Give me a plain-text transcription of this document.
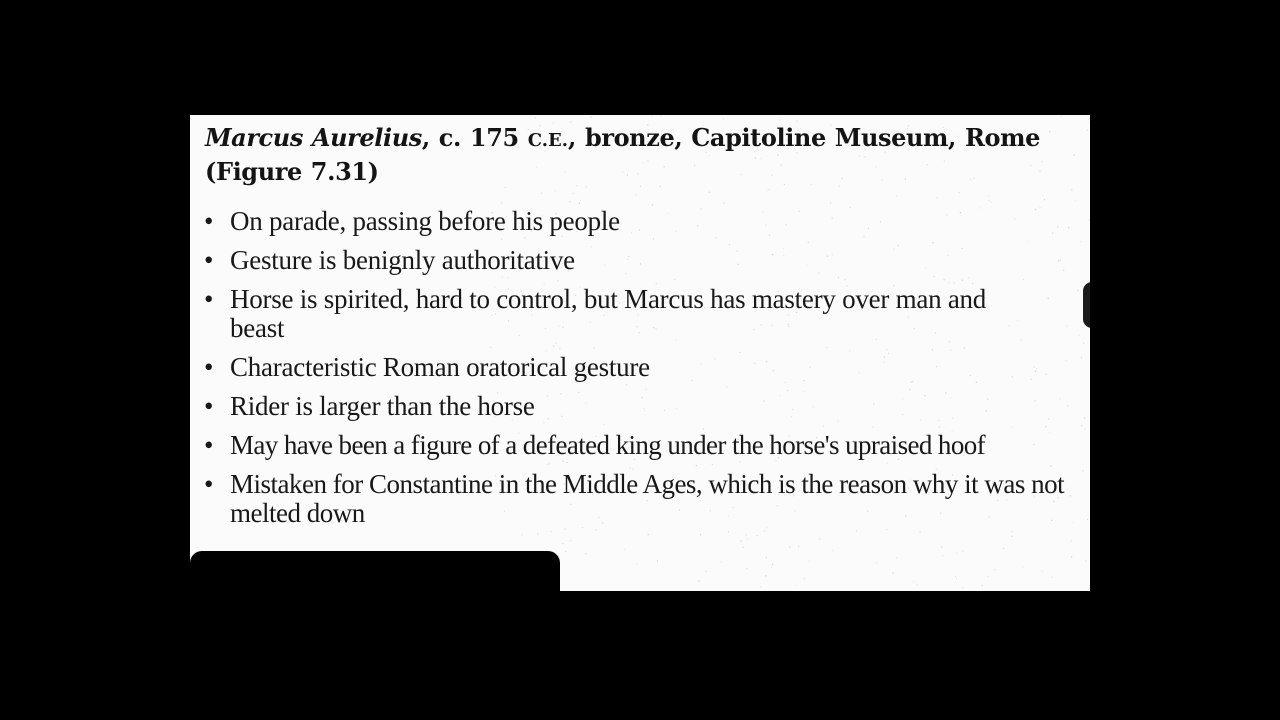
Marcus Aurelius, c. 175 C.E., bronze, Capitoline Museum, Rome (Figure 7.31)
• On parade, passing before his people
• Gesture is benignly authoritative
• Horse is spirited, hard to control, but Marcus has mastery over man and beast
• Characteristic Roman oratorical gesture
• Rider is larger than the horse
• May have been a figure of a defeated king under the horse's upraised hoof
• Mistaken for Constantine in the Middle Ages, which is the reason why it was not melted down
